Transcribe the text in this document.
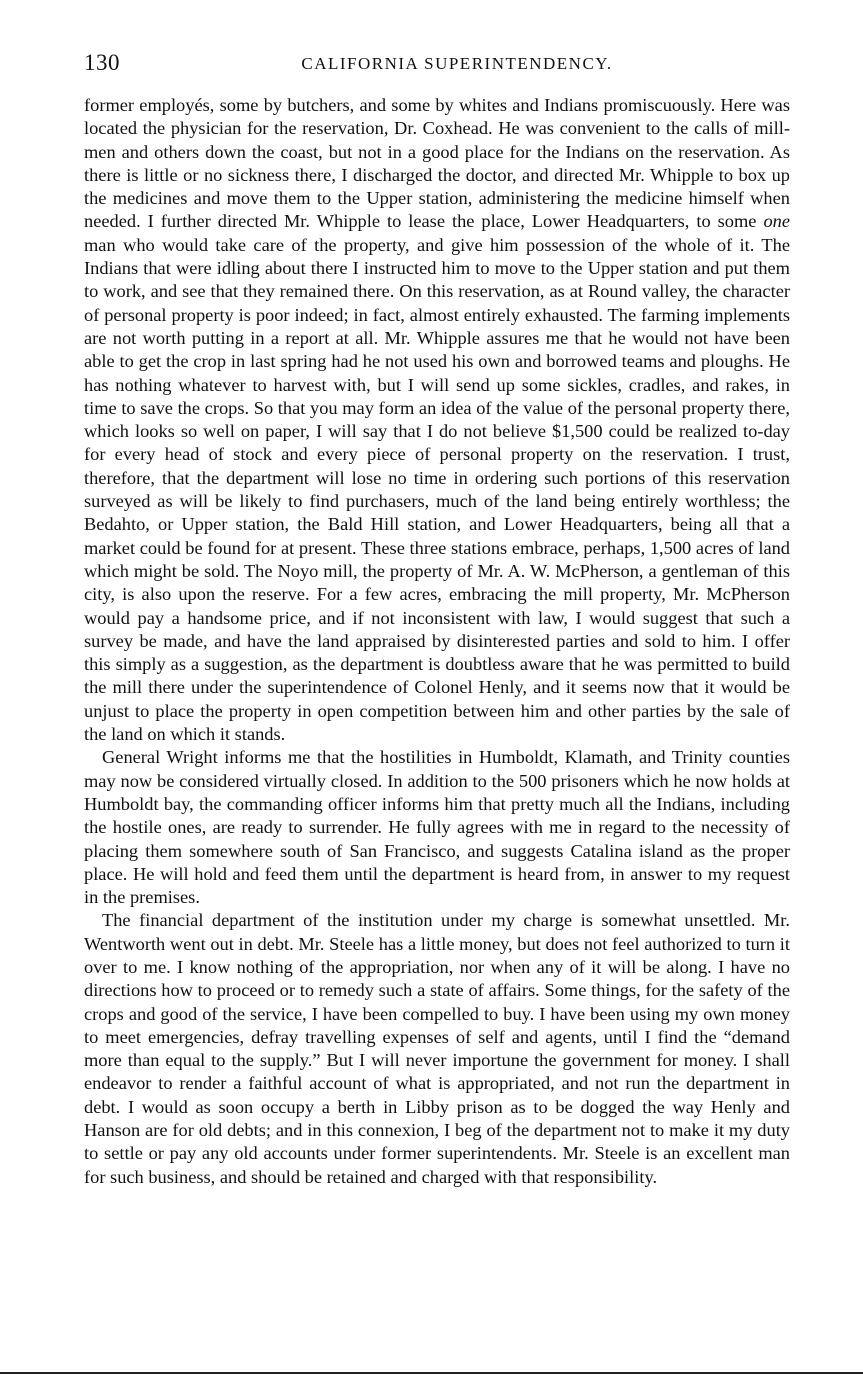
130	CALIFORNIA SUPERINTENDENCY.

former employés, some by butchers, and some by whites and Indians promiscuously. Here was located the physician for the reservation, Dr. Coxhead. He was convenient to the calls of mill-men and others down the coast, but not in a good place for the Indians on the reservation. As there is little or no sickness there, I discharged the doctor, and directed Mr. Whipple to box up the medicines and move them to the Upper station, administering the medicine himself when needed. I further directed Mr. Whipple to lease the place, Lower Headquarters, to some one man who would take care of the property, and give him possession of the whole of it. The Indians that were idling about there I instructed him to move to the Upper station and put them to work, and see that they remained there. On this reservation, as at Round valley, the character of personal property is poor indeed; in fact, almost entirely exhausted. The farming implements are not worth putting in a report at all. Mr. Whipple assures me that he would not have been able to get the crop in last spring had he not used his own and borrowed teams and ploughs. He has nothing whatever to harvest with, but I will send up some sickles, cradles, and rakes, in time to save the crops. So that you may form an idea of the value of the personal property there, which looks so well on paper, I will say that I do not believe $1,500 could be realized to-day for every head of stock and every piece of personal property on the reservation. I trust, therefore, that the department will lose no time in ordering such portions of this reservation surveyed as will be likely to find purchasers, much of the land being entirely worthless; the Bedahto, or Upper station, the Bald Hill station, and Lower Headquarters, being all that a market could be found for at present. These three stations embrace, perhaps, 1,500 acres of land which might be sold. The Noyo mill, the property of Mr. A. W. McPherson, a gentleman of this city, is also upon the reserve. For a few acres, embracing the mill property, Mr. McPherson would pay a handsome price, and if not inconsistent with law, I would suggest that such a survey be made, and have the land appraised by disinterested parties and sold to him. I offer this simply as a suggestion, as the department is doubtless aware that he was permitted to build the mill there under the superintendence of Colonel Henly, and it seems now that it would be unjust to place the property in open competition between him and other parties by the sale of the land on which it stands.

General Wright informs me that the hostilities in Humboldt, Klamath, and Trinity counties may now be considered virtually closed. In addition to the 500 prisoners which he now holds at Humboldt bay, the commanding officer informs him that pretty much all the Indians, including the hostile ones, are ready to surrender. He fully agrees with me in regard to the necessity of placing them somewhere south of San Francisco, and suggests Catalina island as the proper place. He will hold and feed them until the department is heard from, in answer to my request in the premises.

The financial department of the institution under my charge is somewhat unsettled. Mr. Wentworth went out in debt. Mr. Steele has a little money, but does not feel authorized to turn it over to me. I know nothing of the appropriation, nor when any of it will be along. I have no directions how to proceed or to remedy such a state of affairs. Some things, for the safety of the crops and good of the service, I have been compelled to buy. I have been using my own money to meet emergencies, defray travelling expenses of self and agents, until I find the “demand more than equal to the supply.” But I will never importune the government for money. I shall endeavor to render a faithful account of what is appropriated, and not run the department in debt. I would as soon occupy a berth in Libby prison as to be dogged the way Henly and Hanson are for old debts; and in this connexion, I beg of the department not to make it my duty to settle or pay any old accounts under former superintendents. Mr. Steele is an excellent man for such business, and should be retained and charged with that responsibility.
